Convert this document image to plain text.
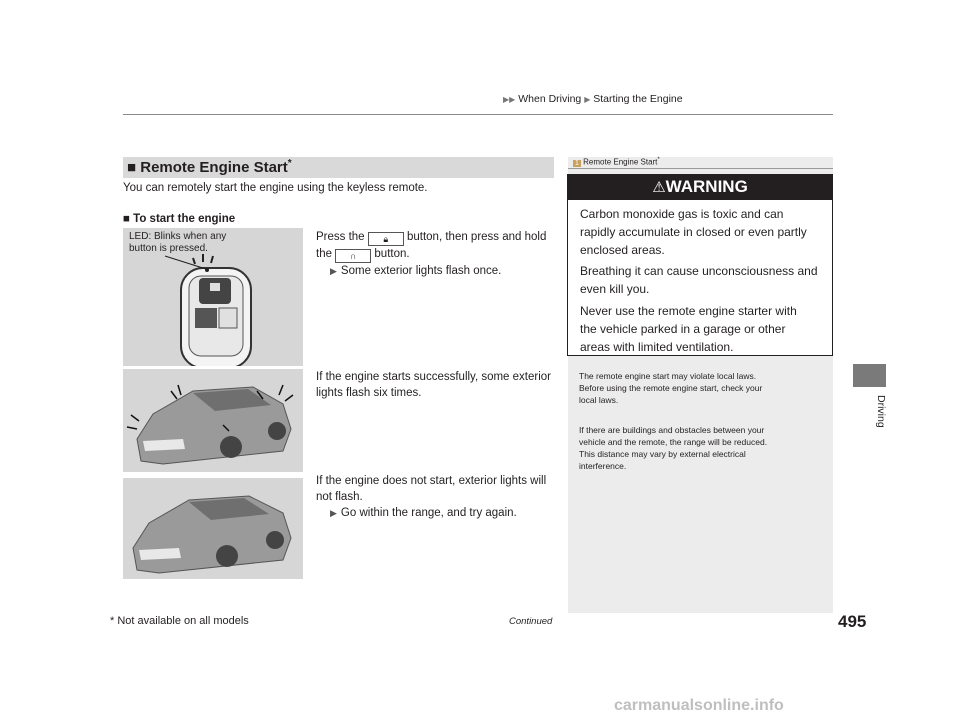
▶▶ When Driving ▶ Starting the Engine
Driving
■ Remote Engine Start*
You can remotely start the engine using the keyless remote.
■ To start the engine
LED: Blinks when any
button is pressed.
Press the 🔒︎ button, then press and hold
the ∩ button.
▶ Some exterior lights flash once.
If the engine starts successfully, some exterior
lights flash six times.
If the engine does not start, exterior lights will
not flash.
▶ Go within the range, and try again.
1 Remote Engine Start*
⚠WARNING
Carbon monoxide gas is toxic and can
rapidly accumulate in closed or even partly
enclosed areas.
Breathing it can cause unconsciousness and
even kill you.
Never use the remote engine starter with
the vehicle parked in a garage or other
areas with limited ventilation.
The remote engine start may violate local laws.
Before using the remote engine start, check your
local laws.
If there are buildings and obstacles between your
vehicle and the remote, the range will be reduced.
This distance may vary by external electrical
interference.
* Not available on all models	Continued	495
carmanualsonline.info
